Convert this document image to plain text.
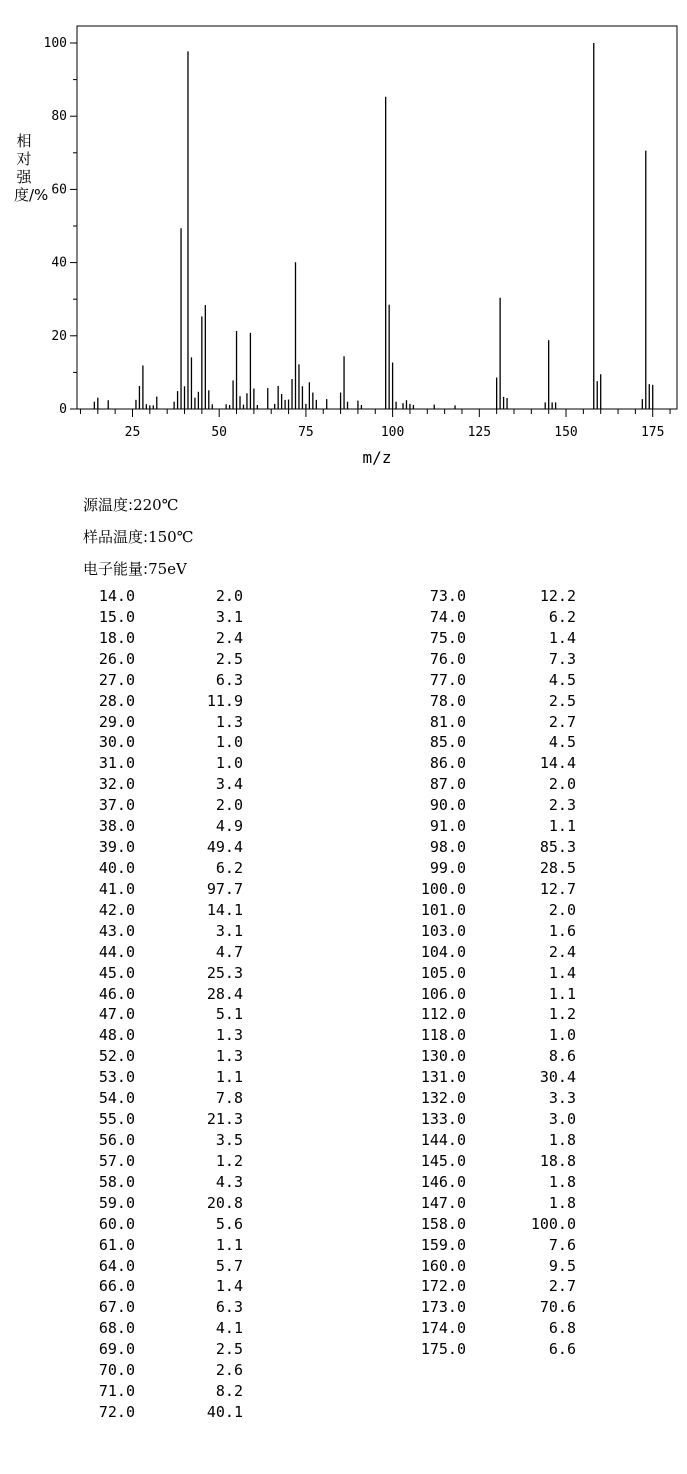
0
20
40
60
80
100
25	50	75	100	125	150	175
m/z
相对强度/%
源温度:220℃
样品温度:150℃
电子能量:75eV
14.0	2.0
15.0	3.1
18.0	2.4
26.0	2.5
27.0	6.3
28.0	11.9
29.0	1.3
30.0	1.0
31.0	1.0
32.0	3.4
37.0	2.0
38.0	4.9
39.0	49.4
40.0	6.2
41.0	97.7
42.0	14.1
43.0	3.1
44.0	4.7
45.0	25.3
46.0	28.4
47.0	5.1
48.0	1.3
52.0	1.3
53.0	1.1
54.0	7.8
55.0	21.3
56.0	3.5
57.0	1.2
58.0	4.3
59.0	20.8
60.0	5.6
61.0	1.1
64.0	5.7
66.0	1.4
67.0	6.3
68.0	4.1
69.0	2.5
70.0	2.6
71.0	8.2
72.0	40.1
73.0	12.2
74.0	6.2
75.0	1.4
76.0	7.3
77.0	4.5
78.0	2.5
81.0	2.7
85.0	4.5
86.0	14.4
87.0	2.0
90.0	2.3
91.0	1.1
98.0	85.3
99.0	28.5
100.0	12.7
101.0	2.0
103.0	1.6
104.0	2.4
105.0	1.4
106.0	1.1
112.0	1.2
118.0	1.0
130.0	8.6
131.0	30.4
132.0	3.3
133.0	3.0
144.0	1.8
145.0	18.8
146.0	1.8
147.0	1.8
158.0	100.0
159.0	7.6
160.0	9.5
172.0	2.7
173.0	70.6
174.0	6.8
175.0	6.6
